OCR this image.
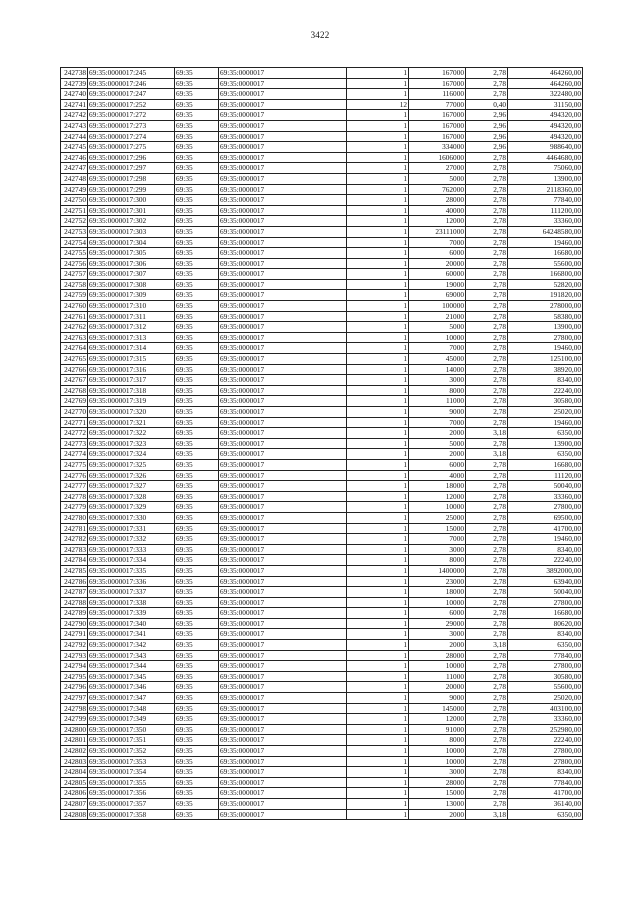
3422
242738	69:35:0000017:245	69:35	69:35:0000017	1	167000	2,78	464260,00
242739	69:35:0000017:246	69:35	69:35:0000017	1	167000	2,78	464260,00
242740	69:35:0000017:247	69:35	69:35:0000017	1	116000	2,78	322480,00
242741	69:35:0000017:252	69:35	69:35:0000017	12	77000	0,40	31150,00
242742	69:35:0000017:272	69:35	69:35:0000017	1	167000	2,96	494320,00
242743	69:35:0000017:273	69:35	69:35:0000017	1	167000	2,96	494320,00
242744	69:35:0000017:274	69:35	69:35:0000017	1	167000	2,96	494320,00
242745	69:35:0000017:275	69:35	69:35:0000017	1	334000	2,96	988640,00
242746	69:35:0000017:296	69:35	69:35:0000017	1	1606000	2,78	4464680,00
242747	69:35:0000017:297	69:35	69:35:0000017	1	27000	2,78	75060,00
242748	69:35:0000017:298	69:35	69:35:0000017	1	5000	2,78	13900,00
242749	69:35:0000017:299	69:35	69:35:0000017	1	762000	2,78	2118360,00
242750	69:35:0000017:300	69:35	69:35:0000017	1	28000	2,78	77840,00
242751	69:35:0000017:301	69:35	69:35:0000017	1	40000	2,78	111200,00
242752	69:35:0000017:302	69:35	69:35:0000017	1	12000	2,78	33360,00
242753	69:35:0000017:303	69:35	69:35:0000017	1	23111000	2,78	64248580,00
242754	69:35:0000017:304	69:35	69:35:0000017	1	7000	2,78	19460,00
242755	69:35:0000017:305	69:35	69:35:0000017	1	6000	2,78	16680,00
242756	69:35:0000017:306	69:35	69:35:0000017	1	20000	2,78	55600,00
242757	69:35:0000017:307	69:35	69:35:0000017	1	60000	2,78	166800,00
242758	69:35:0000017:308	69:35	69:35:0000017	1	19000	2,78	52820,00
242759	69:35:0000017:309	69:35	69:35:0000017	1	69000	2,78	191820,00
242760	69:35:0000017:310	69:35	69:35:0000017	1	100000	2,78	278000,00
242761	69:35:0000017:311	69:35	69:35:0000017	1	21000	2,78	58380,00
242762	69:35:0000017:312	69:35	69:35:0000017	1	5000	2,78	13900,00
242763	69:35:0000017:313	69:35	69:35:0000017	1	10000	2,78	27800,00
242764	69:35:0000017:314	69:35	69:35:0000017	1	7000	2,78	19460,00
242765	69:35:0000017:315	69:35	69:35:0000017	1	45000	2,78	125100,00
242766	69:35:0000017:316	69:35	69:35:0000017	1	14000	2,78	38920,00
242767	69:35:0000017:317	69:35	69:35:0000017	1	3000	2,78	8340,00
242768	69:35:0000017:318	69:35	69:35:0000017	1	8000	2,78	22240,00
242769	69:35:0000017:319	69:35	69:35:0000017	1	11000	2,78	30580,00
242770	69:35:0000017:320	69:35	69:35:0000017	1	9000	2,78	25020,00
242771	69:35:0000017:321	69:35	69:35:0000017	1	7000	2,78	19460,00
242772	69:35:0000017:322	69:35	69:35:0000017	1	2000	3,18	6350,00
242773	69:35:0000017:323	69:35	69:35:0000017	1	5000	2,78	13900,00
242774	69:35:0000017:324	69:35	69:35:0000017	1	2000	3,18	6350,00
242775	69:35:0000017:325	69:35	69:35:0000017	1	6000	2,78	16680,00
242776	69:35:0000017:326	69:35	69:35:0000017	1	4000	2,78	11120,00
242777	69:35:0000017:327	69:35	69:35:0000017	1	18000	2,78	50040,00
242778	69:35:0000017:328	69:35	69:35:0000017	1	12000	2,78	33360,00
242779	69:35:0000017:329	69:35	69:35:0000017	1	10000	2,78	27800,00
242780	69:35:0000017:330	69:35	69:35:0000017	1	25000	2,78	69500,00
242781	69:35:0000017:331	69:35	69:35:0000017	1	15000	2,78	41700,00
242782	69:35:0000017:332	69:35	69:35:0000017	1	7000	2,78	19460,00
242783	69:35:0000017:333	69:35	69:35:0000017	1	3000	2,78	8340,00
242784	69:35:0000017:334	69:35	69:35:0000017	1	8000	2,78	22240,00
242785	69:35:0000017:335	69:35	69:35:0000017	1	1400000	2,78	3892000,00
242786	69:35:0000017:336	69:35	69:35:0000017	1	23000	2,78	63940,00
242787	69:35:0000017:337	69:35	69:35:0000017	1	18000	2,78	50040,00
242788	69:35:0000017:338	69:35	69:35:0000017	1	10000	2,78	27800,00
242789	69:35:0000017:339	69:35	69:35:0000017	1	6000	2,78	16680,00
242790	69:35:0000017:340	69:35	69:35:0000017	1	29000	2,78	80620,00
242791	69:35:0000017:341	69:35	69:35:0000017	1	3000	2,78	8340,00
242792	69:35:0000017:342	69:35	69:35:0000017	1	2000	3,18	6350,00
242793	69:35:0000017:343	69:35	69:35:0000017	1	28000	2,78	77840,00
242794	69:35:0000017:344	69:35	69:35:0000017	1	10000	2,78	27800,00
242795	69:35:0000017:345	69:35	69:35:0000017	1	11000	2,78	30580,00
242796	69:35:0000017:346	69:35	69:35:0000017	1	20000	2,78	55600,00
242797	69:35:0000017:347	69:35	69:35:0000017	1	9000	2,78	25020,00
242798	69:35:0000017:348	69:35	69:35:0000017	1	145000	2,78	403100,00
242799	69:35:0000017:349	69:35	69:35:0000017	1	12000	2,78	33360,00
242800	69:35:0000017:350	69:35	69:35:0000017	1	91000	2,78	252980,00
242801	69:35:0000017:351	69:35	69:35:0000017	1	8000	2,78	22240,00
242802	69:35:0000017:352	69:35	69:35:0000017	1	10000	2,78	27800,00
242803	69:35:0000017:353	69:35	69:35:0000017	1	10000	2,78	27800,00
242804	69:35:0000017:354	69:35	69:35:0000017	1	3000	2,78	8340,00
242805	69:35:0000017:355	69:35	69:35:0000017	1	28000	2,78	77840,00
242806	69:35:0000017:356	69:35	69:35:0000017	1	15000	2,78	41700,00
242807	69:35:0000017:357	69:35	69:35:0000017	1	13000	2,78	36140,00
242808	69:35:0000017:358	69:35	69:35:0000017	1	2000	3,18	6350,00
